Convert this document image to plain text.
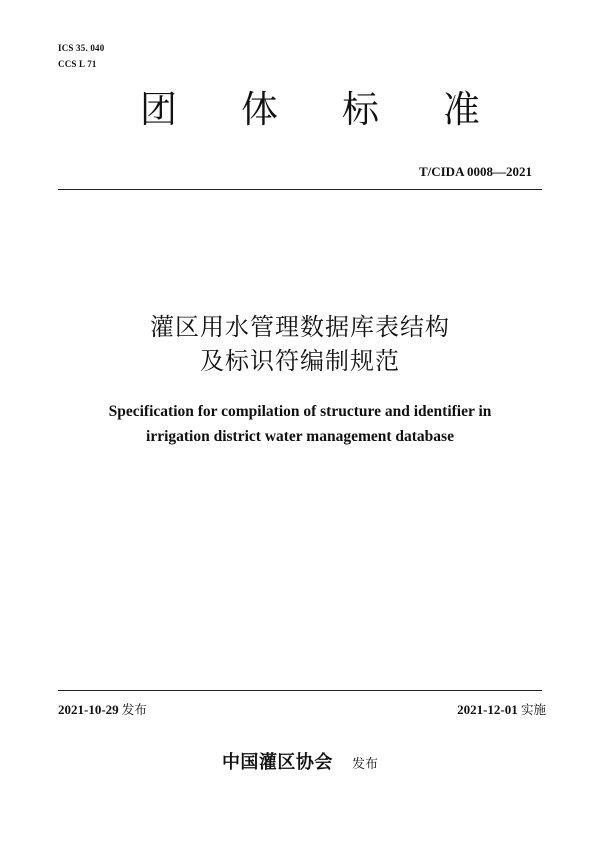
ICS 35. 040
CCS L 71
团 体 标 准
T/CIDA 0008—2021
灌区用水管理数据库表结构
及标识符编制规范
Specification for compilation of structure and identifier in
irrigation district water management database
2021-10-29 发布	2021-12-01 实施
中国灌区协会 发布
